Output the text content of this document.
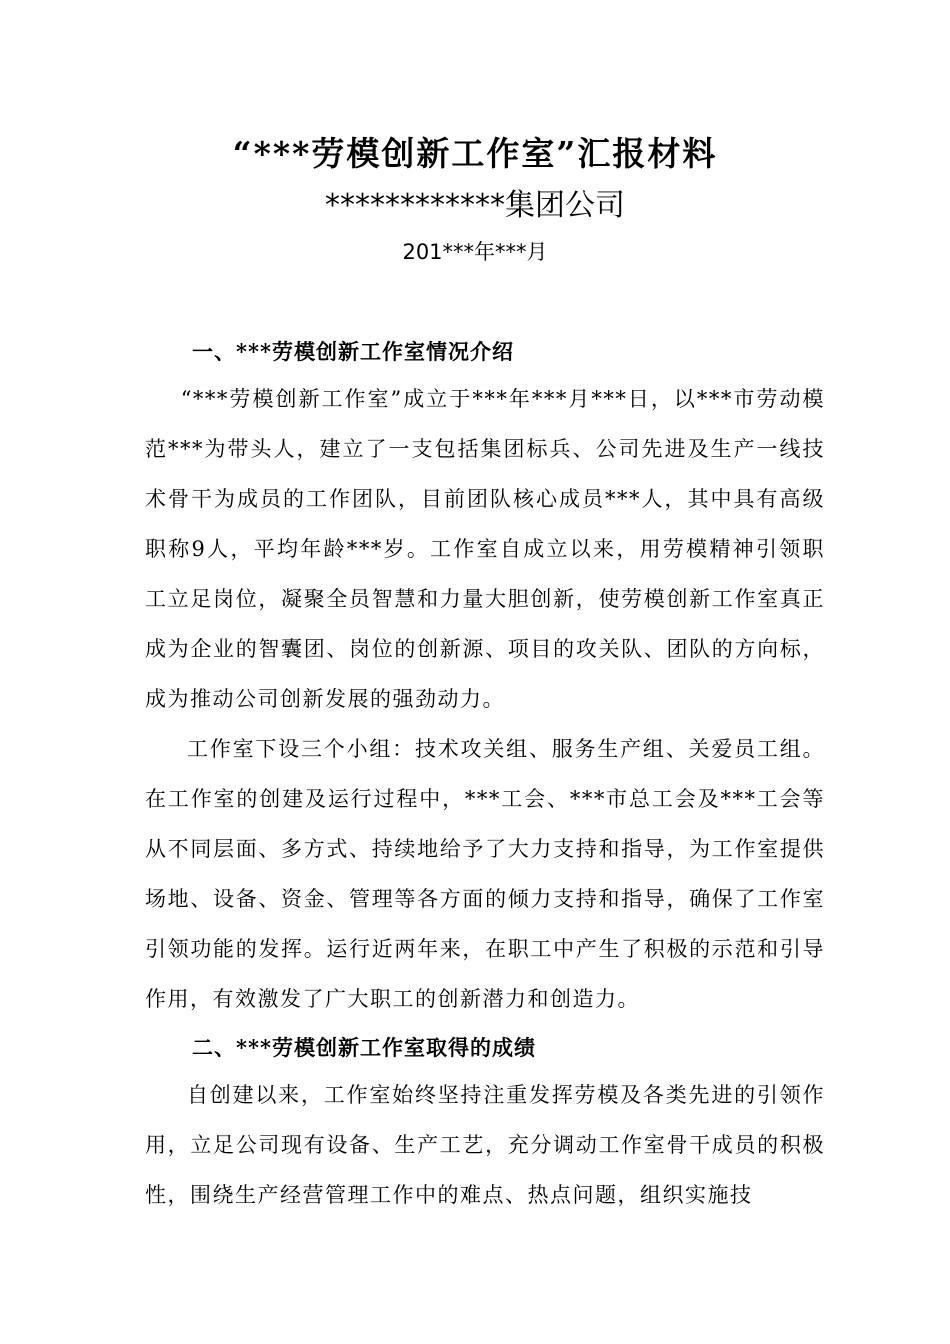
“***劳模创新工作室”汇报材料
************集团公司
201***年***月
一、***劳模创新工作室情况介绍

“***劳模创新工作室”成立于***年***月***日，以***市劳动模范***为带头人，建立了一支包括集团标兵、公司先进及生产一线技术骨干为成员的工作团队，目前团队核心成员***人，其中具有高级职称9人，平均年龄***岁。工作室自成立以来，用劳模精神引领职工立足岗位，凝聚全员智慧和力量大胆创新，使劳模创新工作室真正成为企业的智囊团、岗位的创新源、项目的攻关队、团队的方向标，成为推动公司创新发展的强劲动力。

工作室下设三个小组：技术攻关组、服务生产组、关爱员工组。在工作室的创建及运行过程中，***工会、***市总工会及***工会等从不同层面、多方式、持续地给予了大力支持和指导，为工作室提供场地、设备、资金、管理等各方面的倾力支持和指导，确保了工作室引领功能的发挥。运行近两年来，在职工中产生了积极的示范和引导作用，有效激发了广大职工的创新潜力和创造力。

二、***劳模创新工作室取得的成绩

自创建以来，工作室始终坚持注重发挥劳模及各类先进的引领作用，立足公司现有设备、生产工艺，充分调动工作室骨干成员的积极性，围绕生产经营管理工作中的难点、热点问题，组织实施技
